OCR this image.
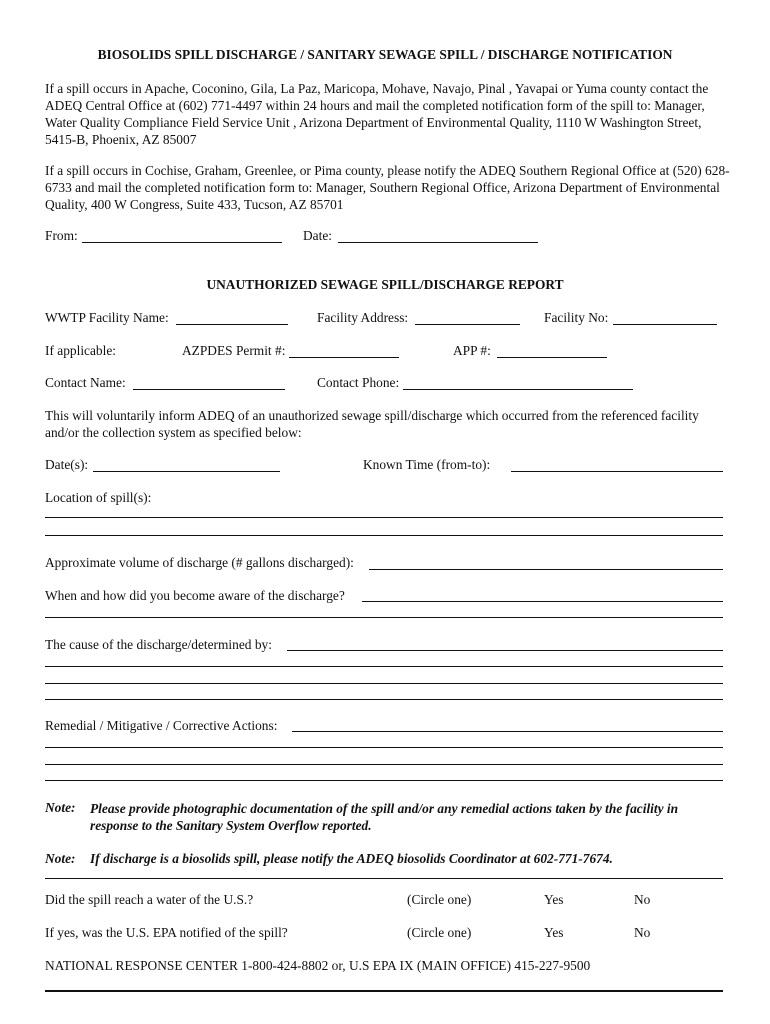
BIOSOLIDS SPILL DISCHARGE / SANITARY SEWAGE SPILL / DISCHARGE NOTIFICATION
If a spill occurs in Apache, Coconino, Gila, La Paz, Maricopa, Mohave, Navajo, Pinal , Yavapai or Yuma county contact the ADEQ Central Office at (602) 771-4497 within 24 hours and mail the completed notification form of the spill to: Manager, Water Quality Compliance Field Service Unit , Arizona Department of Environmental Quality, 1110 W Washington Street, 5415-B, Phoenix, AZ 85007
If a spill occurs in Cochise, Graham, Greenlee, or Pima county, please notify the ADEQ Southern Regional Office at (520) 628-6733 and mail the completed notification form to: Manager, Southern Regional Office, Arizona Department of Environmental Quality, 400 W Congress, Suite 433, Tucson, AZ 85701
From:	Date:
UNAUTHORIZED SEWAGE SPILL/DISCHARGE REPORT
WWTP Facility Name:	Facility Address:	Facility No:
If applicable:	AZPDES Permit #:	APP #:
Contact Name:	Contact Phone:
This will voluntarily inform ADEQ of an unauthorized sewage spill/discharge which occurred from the referenced facility and/or the collection system as specified below:
Date(s):	Known Time (from-to):
Location of spill(s):
Approximate volume of discharge (# gallons discharged):
When and how did you become aware of the discharge?
The cause of the discharge/determined by:
Remedial / Mitigative / Corrective Actions:
Note: Please provide photographic documentation of the spill and/or any remedial actions taken by the facility in response to the Sanitary System Overflow reported.
Note: If discharge is a biosolids spill, please notify the ADEQ biosolids Coordinator at 602-771-7674.
Did the spill reach a water of the U.S.?	(Circle one)	Yes	No
If yes, was the U.S. EPA notified of the spill?	(Circle one)	Yes	No
NATIONAL RESPONSE CENTER 1-800-424-8802 or, U.S EPA IX (MAIN OFFICE) 415-227-9500
